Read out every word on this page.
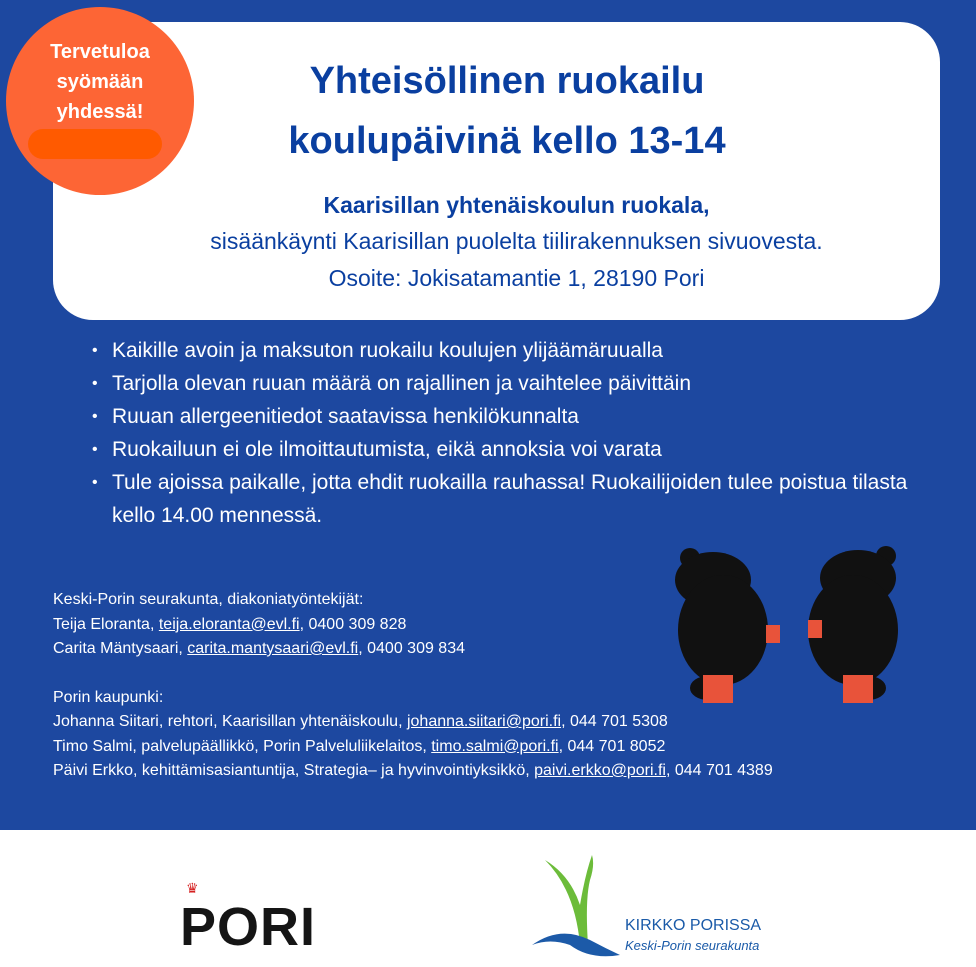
Yhteisöllinen ruokailu
koulupäivinä kello 13-14
Kaarisillan yhtenäiskoulun ruokala,
sisäänkäynti Kaarisillan puolelta tiilirakennuksen sivuovesta.
Osoite: Jokisatamantie 1, 28190 Pori
Tervetuloa
syömään
yhdessä!
• Kaikille avoin ja maksuton ruokailu koulujen ylijäämäruualla
• Tarjolla olevan ruuan määrä on rajallinen ja vaihtelee päivittäin
• Ruuan allergeenitiedot saatavissa henkilökunnalta
• Ruokailuun ei ole ilmoittautumista, eikä annoksia voi varata
• Tule ajoissa paikalle, jotta ehdit ruokailla rauhassa! Ruokailijoiden tulee poistua tilasta kello 14.00 mennessä.
Keski-Porin seurakunta, diakoniatyöntekijät:
Teija Eloranta, teija.eloranta@evl.fi, 0400 309 828
Carita Mäntysaari, carita.mantysaari@evl.fi, 0400 309 834
Porin kaupunki:
Johanna Siitari, rehtori, Kaarisillan yhtenäiskoulu, johanna.siitari@pori.fi, 044 701 5308
Timo Salmi, palvelupäällikkö, Porin Palveluliikelaitos, timo.salmi@pori.fi, 044 701 8052
Päivi Erkko, kehittämisasiantuntija, Strategia– ja hyvinvointiyksikkö, paivi.erkko@pori.fi, 044 701 4389
♛
PORI	KIRKKO PORISSA
Keski-Porin seurakunta
